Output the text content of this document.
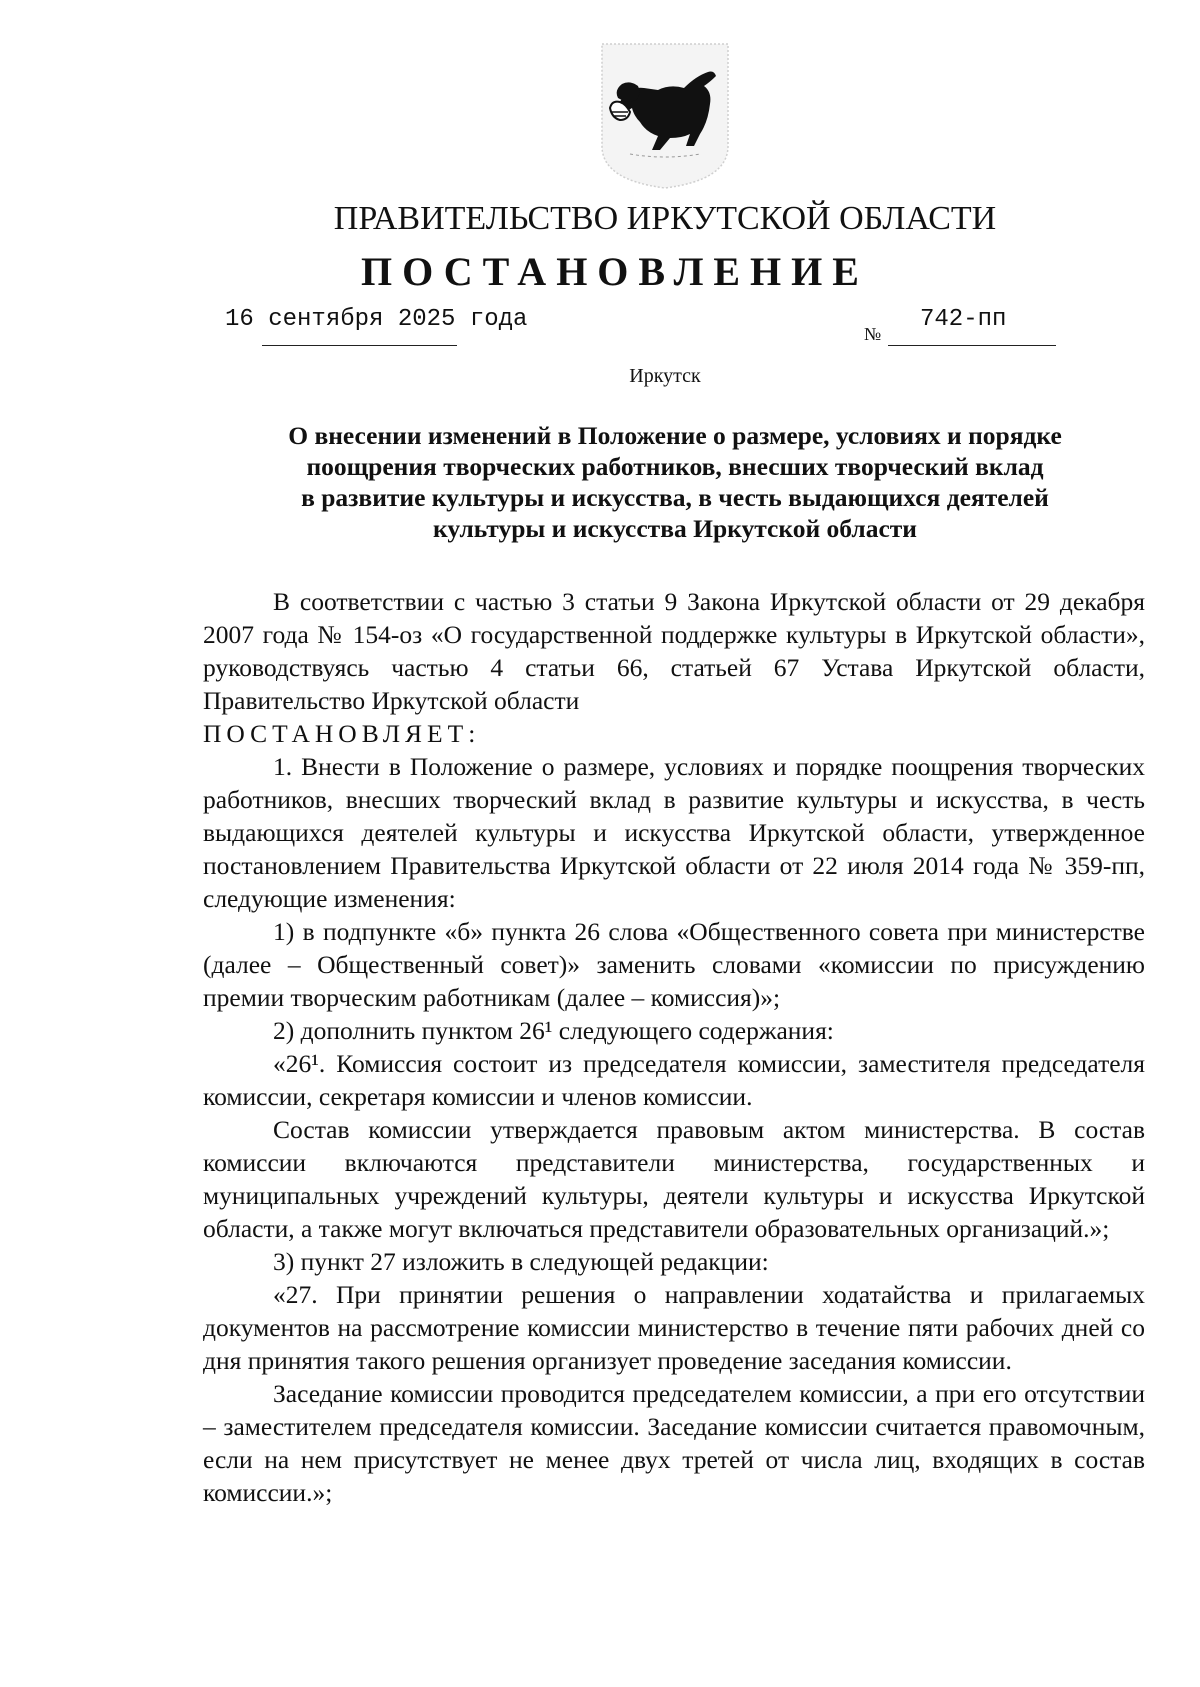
ПРАВИТЕЛЬСТВО ИРКУТСКОЙ ОБЛАСТИ
ПОСТАНОВЛЕНИЕ
16 сентября 2025 года
№
742-пп
Иркутск
О внесении изменений в Положение о размере, условиях и порядке
поощрения творческих работников, внесших творческий вклад
в развитие культуры и искусства, в честь выдающихся деятелей
культуры и искусства Иркутской области

В соответствии с частью 3 статьи 9 Закона Иркутской области от 29 декабря 2007 года № 154-оз «О государственной поддержке культуры в Иркутской области», руководствуясь частью 4 статьи 66, статьей 67 Устава Иркутской области, Правительство Иркутской области

ПОСТАНОВЛЯЕТ:

1. Внести в Положение о размере, условиях и порядке поощрения творческих работников, внесших творческий вклад в развитие культуры и искусства, в честь выдающихся деятелей культуры и искусства Иркутской области, утвержденное постановлением Правительства Иркутской области от 22 июля 2014 года № 359-пп, следующие изменения:

1) в подпункте «б» пункта 26 слова «Общественного совета при министерстве (далее – Общественный совет)» заменить словами «комиссии по присуждению премии творческим работникам (далее – комиссия)»;

2) дополнить пунктом 26¹ следующего содержания:

«26¹. Комиссия состоит из председателя комиссии, заместителя председателя комиссии, секретаря комиссии и членов комиссии.

Состав комиссии утверждается правовым актом министерства. В состав комиссии включаются представители министерства, государственных и муниципальных учреждений культуры, деятели культуры и искусства Иркутской области, а также могут включаться представители образовательных организаций.»;

3) пункт 27 изложить в следующей редакции:

«27. При принятии решения о направлении ходатайства и прилагаемых документов на рассмотрение комиссии министерство в течение пяти рабочих дней со дня принятия такого решения организует проведение заседания комиссии.

Заседание комиссии проводится председателем комиссии, а при его отсутствии – заместителем председателя комиссии. Заседание комиссии считается правомочным, если на нем присутствует не менее двух третей от числа лиц, входящих в состав комиссии.»;
